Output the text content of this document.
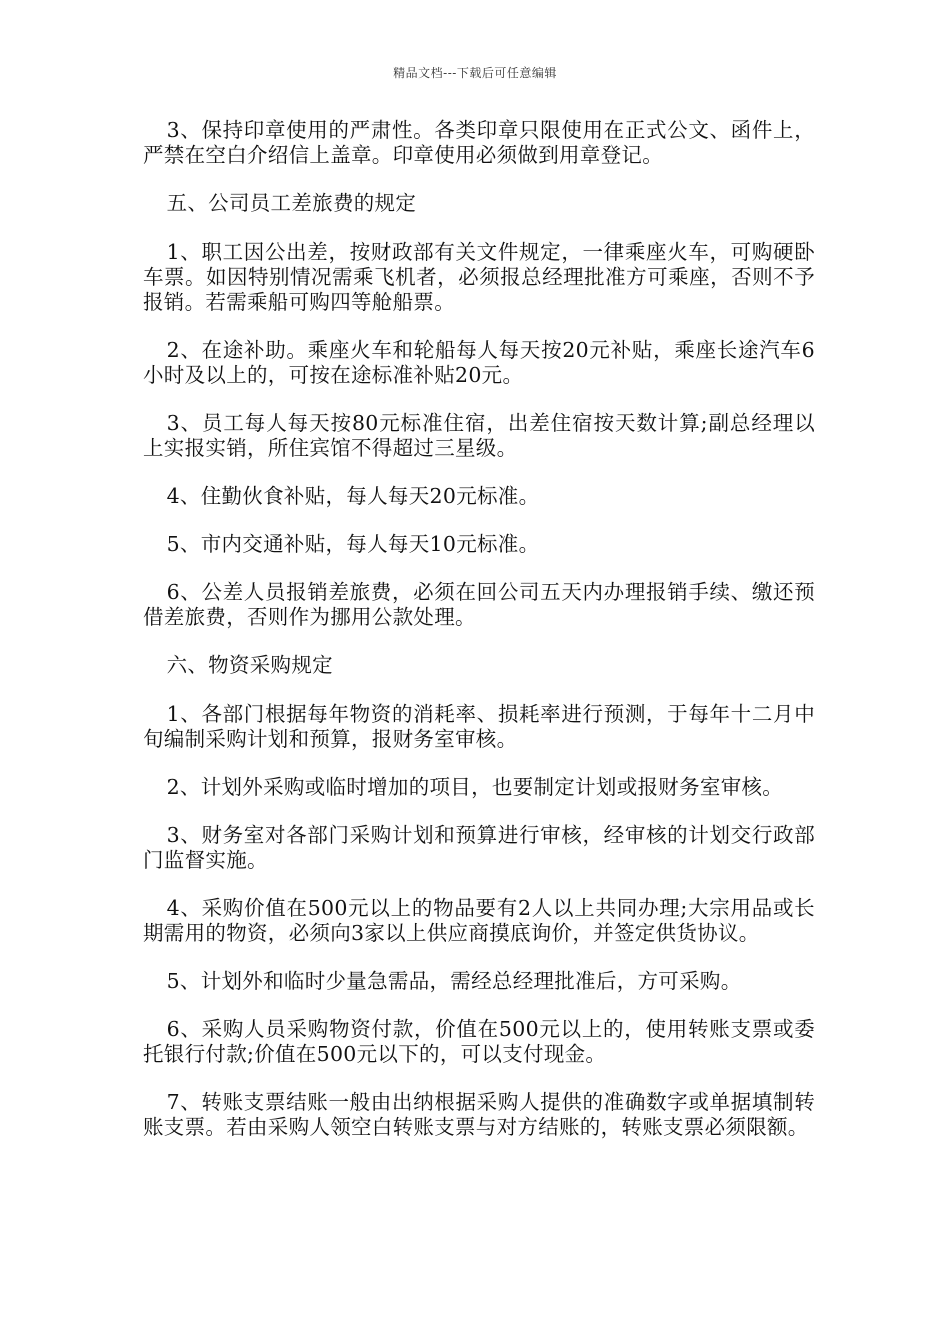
精品文档---下载后可任意编辑

3、保持印章使用的严肃性。各类印章只限使用在正式公文、函件上，严禁在空白介绍信上盖章。印章使用必须做到用章登记。

五、公司员工差旅费的规定

1、职工因公出差，按财政部有关文件规定，一律乘座火车，可购硬卧车票。如因特别情况需乘飞机者，必须报总经理批准方可乘座，否则不予报销。若需乘船可购四等舱船票。

2、在途补助。乘座火车和轮船每人每天按20元补贴，乘座长途汽车6小时及以上的，可按在途标准补贴20元。

3、员工每人每天按80元标准住宿，出差住宿按天数计算;副总经理以上实报实销，所住宾馆不得超过三星级。

4、住勤伙食补贴，每人每天20元标准。

5、市内交通补贴，每人每天10元标准。

6、公差人员报销差旅费，必须在回公司五天内办理报销手续、缴还预借差旅费，否则作为挪用公款处理。

六、物资采购规定

1、各部门根据每年物资的消耗率、损耗率进行预测，于每年十二月中旬编制采购计划和预算，报财务室审核。

2、计划外采购或临时增加的项目，也要制定计划或报财务室审核。

3、财务室对各部门采购计划和预算进行审核，经审核的计划交行政部门监督实施。

4、采购价值在500元以上的物品要有2人以上共同办理;大宗用品或长期需用的物资，必须向3家以上供应商摸底询价，并签定供货协议。

5、计划外和临时少量急需品，需经总经理批准后，方可采购。

6、采购人员采购物资付款，价值在500元以上的，使用转账支票或委托银行付款;价值在500元以下的，可以支付现金。

7、转账支票结账一般由出纳根据采购人提供的准确数字或单据填制转账支票。若由采购人领空白转账支票与对方结账的，转账支票必须限额。
